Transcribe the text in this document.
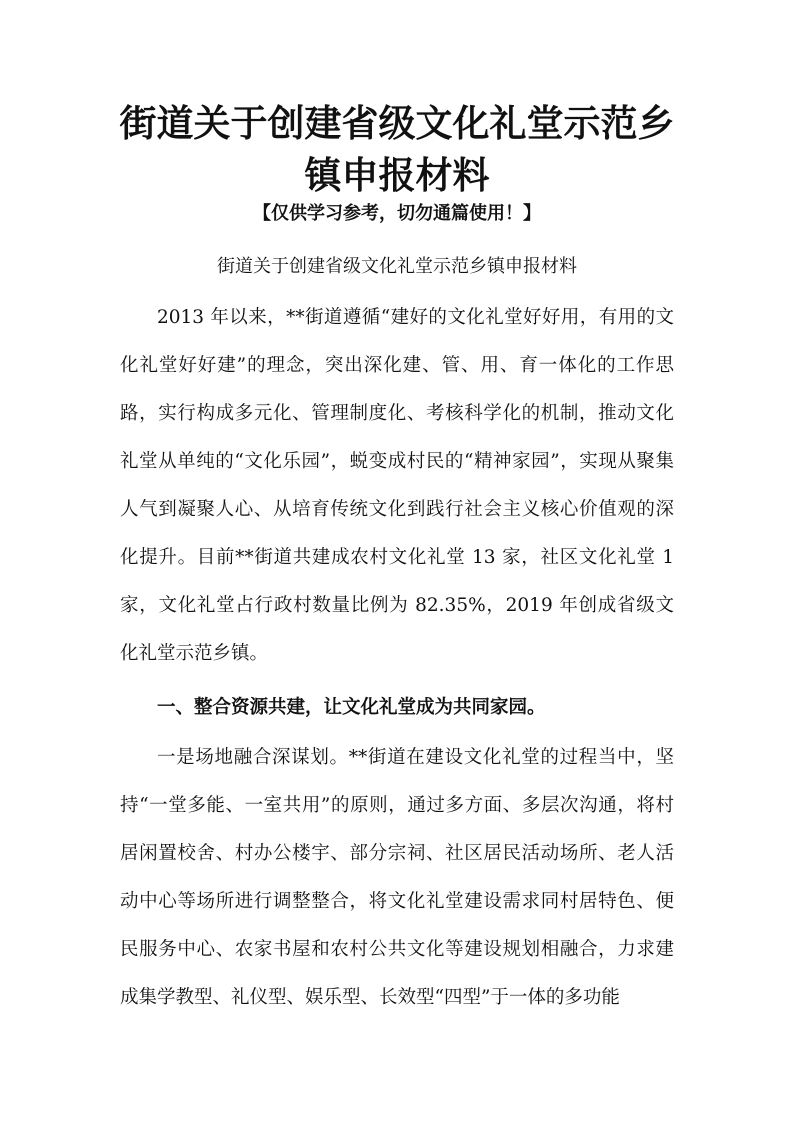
街道关于创建省级文化礼堂示范乡
镇申报材料
【仅供学习参考，切勿通篇使用！】
街道关于创建省级文化礼堂示范乡镇申报材料

2013 年以来，**街道遵循“建好的文化礼堂好好用，有用的文化礼堂好好建”的理念，突出深化建、管、用、育一体化的工作思路，实行构成多元化、管理制度化、考核科学化的机制，推动文化礼堂从单纯的“文化乐园”，蜕变成村民的“精神家园”，实现从聚集人气到凝聚人心、从培育传统文化到践行社会主义核心价值观的深化提升。目前**街道共建成农村文化礼堂 13 家，社区文化礼堂 1 家，文化礼堂占行政村数量比例为 82.35%，2019 年创成省级文化礼堂示范乡镇。

一、整合资源共建，让文化礼堂成为共同家园。

一是场地融合深谋划。**街道在建设文化礼堂的过程当中，坚持“一堂多能、一室共用”的原则，通过多方面、多层次沟通，将村居闲置校舍、村办公楼宇、部分宗祠、社区居民活动场所、老人活动中心等场所进行调整整合，将文化礼堂建设需求同村居特色、便民服务中心、农家书屋和农村公共文化等建设规划相融合，力求建成集学教型、礼仪型、娱乐型、长效型“四型”于一体的多功能
